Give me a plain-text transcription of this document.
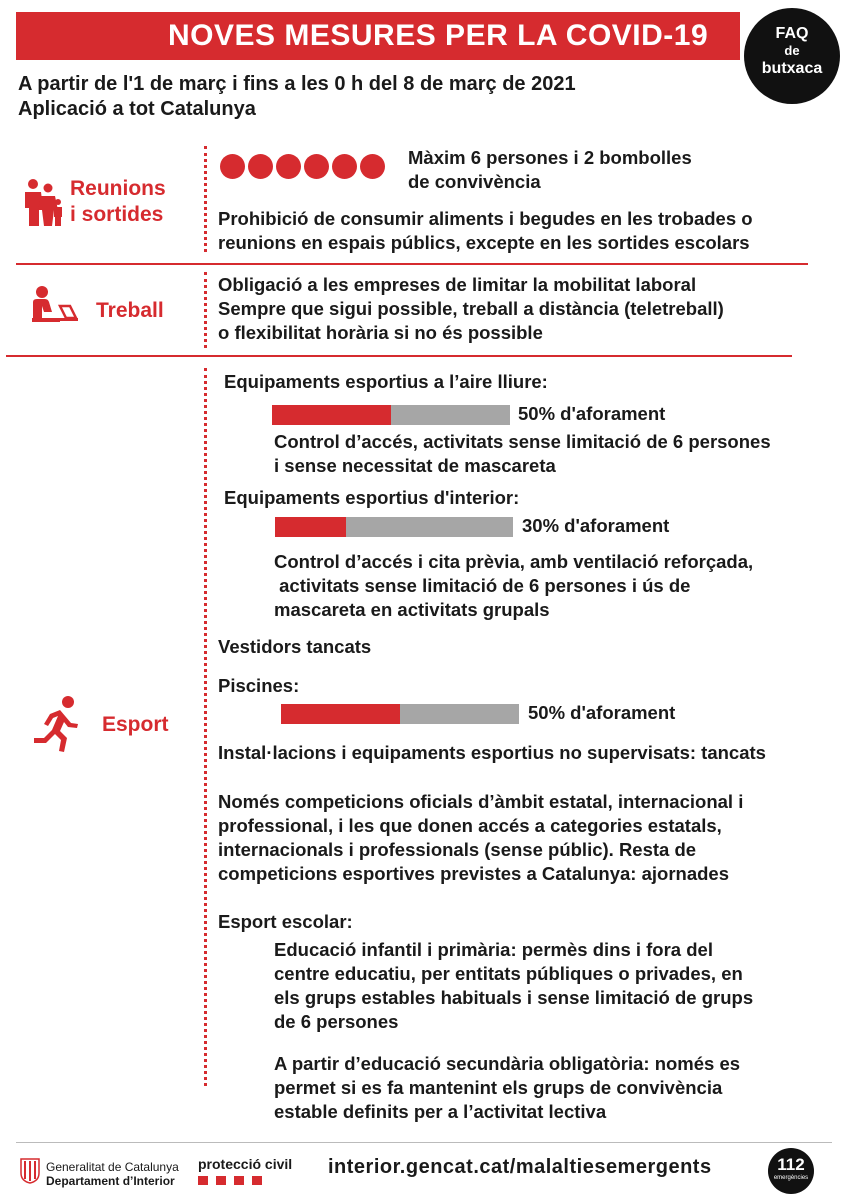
NOVES MESURES PER LA COVID-19	FAQ
de
butxaca
A partir de l'1 de març i fins a les 0 h del 8 de març de 2021
Aplicació a tot Catalunya
Reunions
i sortides
Màxim 6 persones i 2 bombolles
de convivència
Prohibició de consumir aliments i begudes en les trobades o
reunions en espais públics, excepte en les sortides escolars
Treball
Obligació a les empreses de limitar la mobilitat laboral
Sempre que sigui possible, treball a distància (teletreball)
o flexibilitat horària si no és possible
Esport
Equipaments esportius a l’aire lliure:
50% d'aforament
Control d’accés, activitats sense limitació de 6 persones
i sense necessitat de mascareta
Equipaments esportius d'interior:
30% d'aforament
Control d’accés i cita prèvia, amb ventilació reforçada,
activitats sense limitació de 6 persones i ús de
mascareta en activitats grupals
Vestidors tancats
Piscines:
50% d'aforament
Instal·lacions i equipaments esportius no supervisats: tancats
Només competicions oficials d’àmbit estatal, internacional i
professional, i les que donen accés a categories estatals,
internacionals i professionals (sense públic). Resta de
competicions esportives previstes a Catalunya: ajornades
Esport escolar:
Educació infantil i primària: permès dins i fora del
centre educatiu, per entitats públiques o privades, en
els grups estables habituals i sense limitació de grups
de 6 persones
A partir d’educació secundària obligatòria: només es
permet si es fa mantenint els grups de convivència
estable definits per a l’activitat lectiva
Generalitat de Catalunya
Departament d’Interior
protecció civil interior.gencat.cat/malaltiesemergents	112
emergències
